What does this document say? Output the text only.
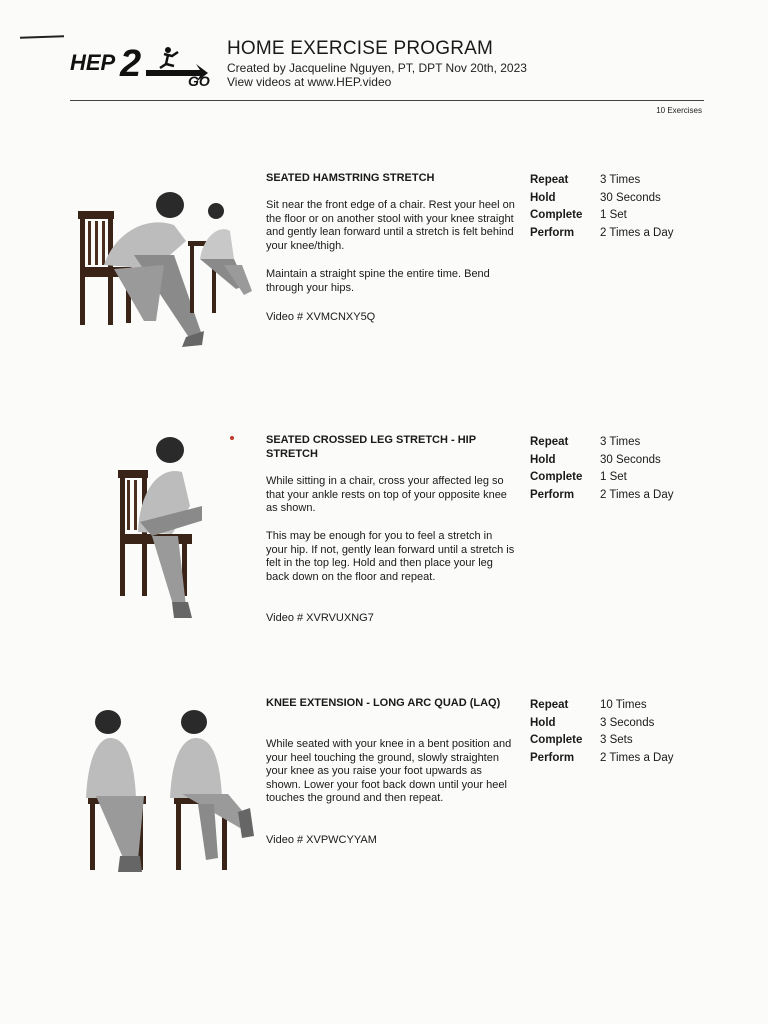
HEP 2	GO
HOME EXERCISE PROGRAM
Created by Jacqueline Nguyen, PT, DPT Nov 20th, 2023
View videos at www.HEP.video
10 Exercises
SEATED HAMSTRING STRETCH

Sit near the front edge of a chair. Rest your heel on the floor or on another stool with your knee straight and gently lean forward until a stretch is felt behind your knee/thigh.

Maintain a straight spine the entire time. Bend through your hips.

Video # XVMCNXY5Q

Repeat	3 Times
Hold	30 Seconds
Complete	1 Set
Perform	2 Times a Day
SEATED CROSSED LEG STRETCH - HIP STRETCH

While sitting in a chair, cross your affected leg so that your ankle rests on top of your opposite knee as shown.

This may be enough for you to feel a stretch in your hip. If not, gently lean forward until a stretch is felt in the top leg. Hold and then place your leg back down on the floor and repeat.

Video # XVRVUXNG7

Repeat	3 Times
Hold	30 Seconds
Complete	1 Set
Perform	2 Times a Day
KNEE EXTENSION - LONG ARC QUAD (LAQ)

While seated with your knee in a bent position and your heel touching the ground, slowly straighten your knee as you raise your foot upwards as shown. Lower your foot back down until your heel touches the ground and then repeat.

Video # XVPWCYYAM

Repeat	10 Times
Hold	3 Seconds
Complete	3 Sets
Perform	2 Times a Day
